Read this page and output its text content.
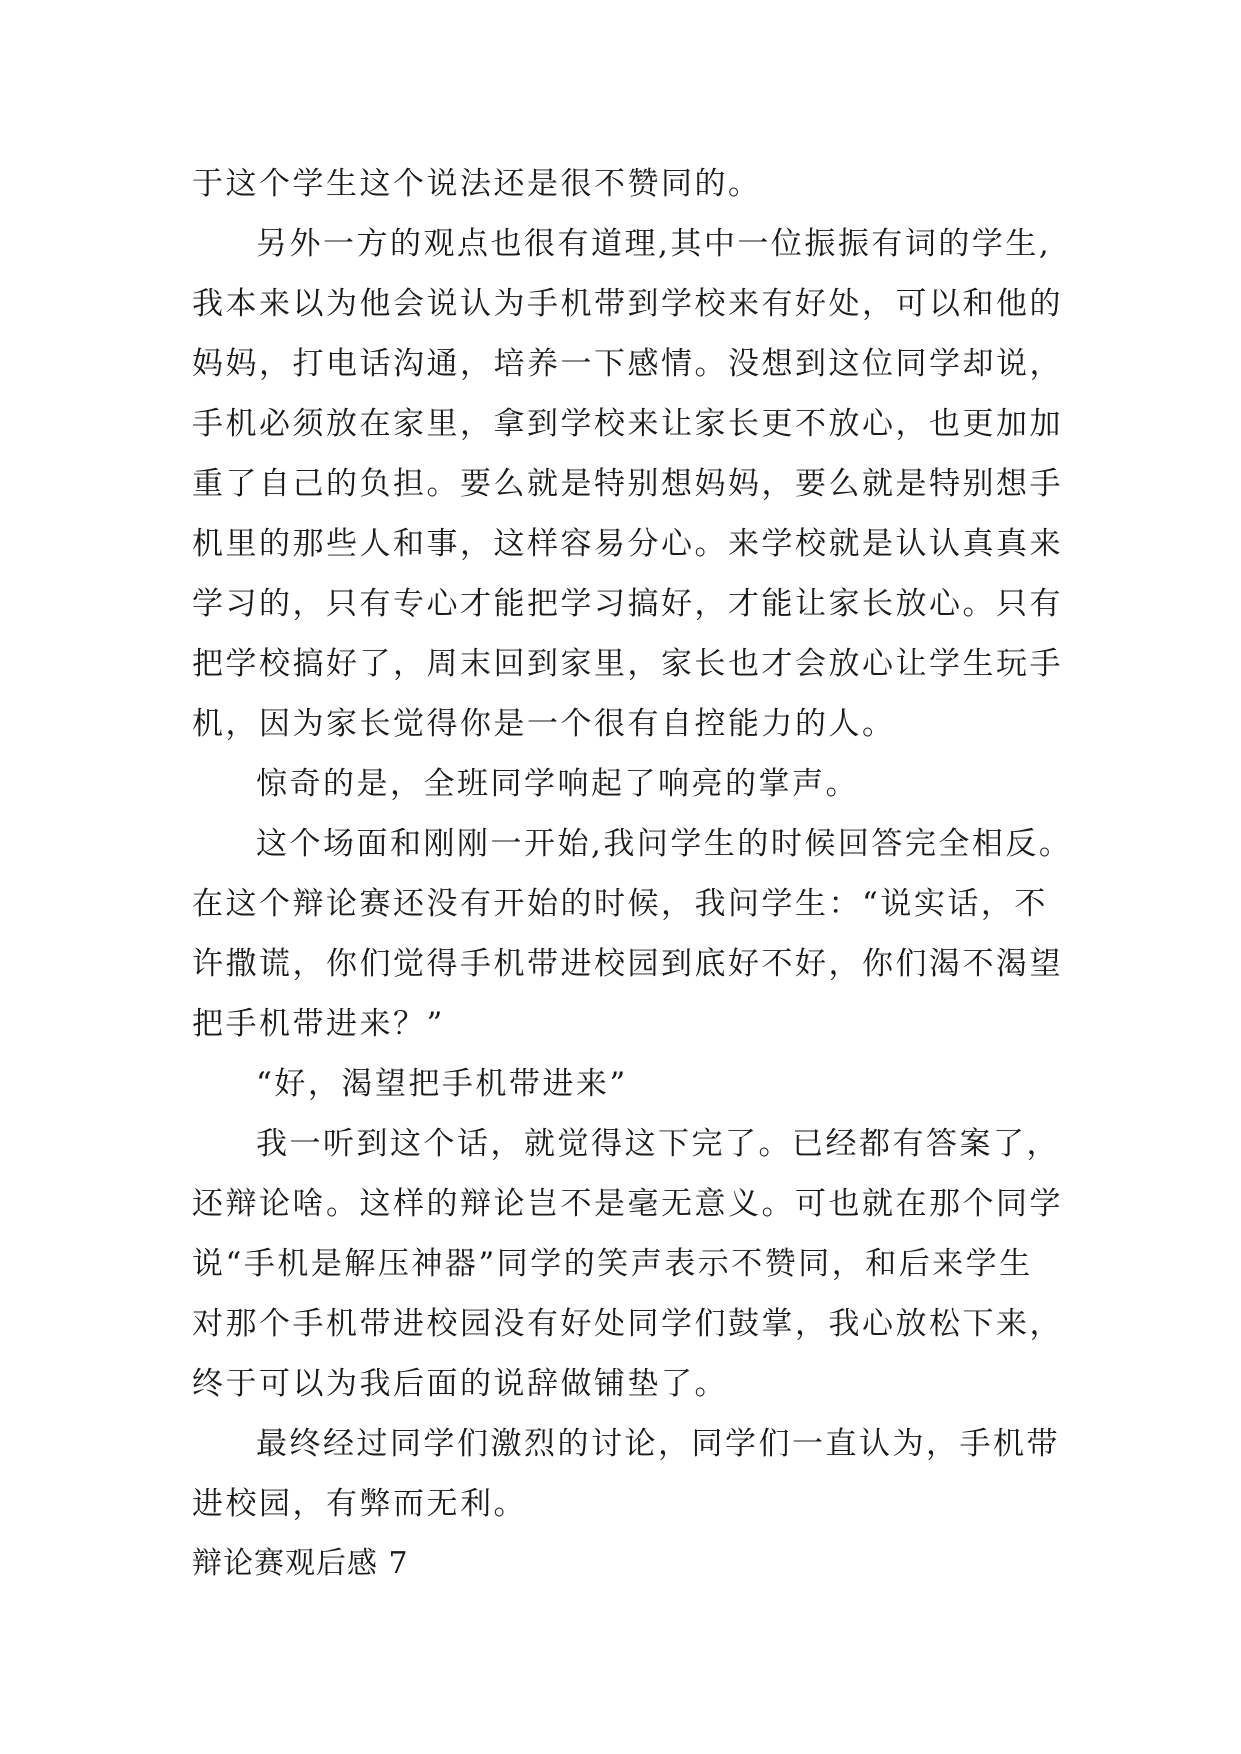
于这个学生这个说法还是很不赞同的。
另外一方的观点也很有道理,其中一位振振有词的学生,
我本来以为他会说认为手机带到学校来有好处，可以和他的
妈妈，打电话沟通，培养一下感情。没想到这位同学却说，
手机必须放在家里，拿到学校来让家长更不放心，也更加加
重了自己的负担。要么就是特别想妈妈，要么就是特别想手
机里的那些人和事，这样容易分心。来学校就是认认真真来
学习的，只有专心才能把学习搞好，才能让家长放心。只有
把学校搞好了，周末回到家里，家长也才会放心让学生玩手
机，因为家长觉得你是一个很有自控能力的人。
惊奇的是，全班同学响起了响亮的掌声。
这个场面和刚刚一开始,我问学生的时候回答完全相反。
在这个辩论赛还没有开始的时候，我问学生：“说实话，不
许撒谎，你们觉得手机带进校园到底好不好，你们渴不渴望
把手机带进来？”
“好，渴望把手机带进来”
我一听到这个话，就觉得这下完了。已经都有答案了，
还辩论啥。这样的辩论岂不是毫无意义。可也就在那个同学
说“手机是解压神器”同学的笑声表示不赞同，和后来学生
对那个手机带进校园没有好处同学们鼓掌，我心放松下来，
终于可以为我后面的说辞做铺垫了。
最终经过同学们激烈的讨论，同学们一直认为，手机带
进校园，有弊而无利。
辩论赛观后感 7
